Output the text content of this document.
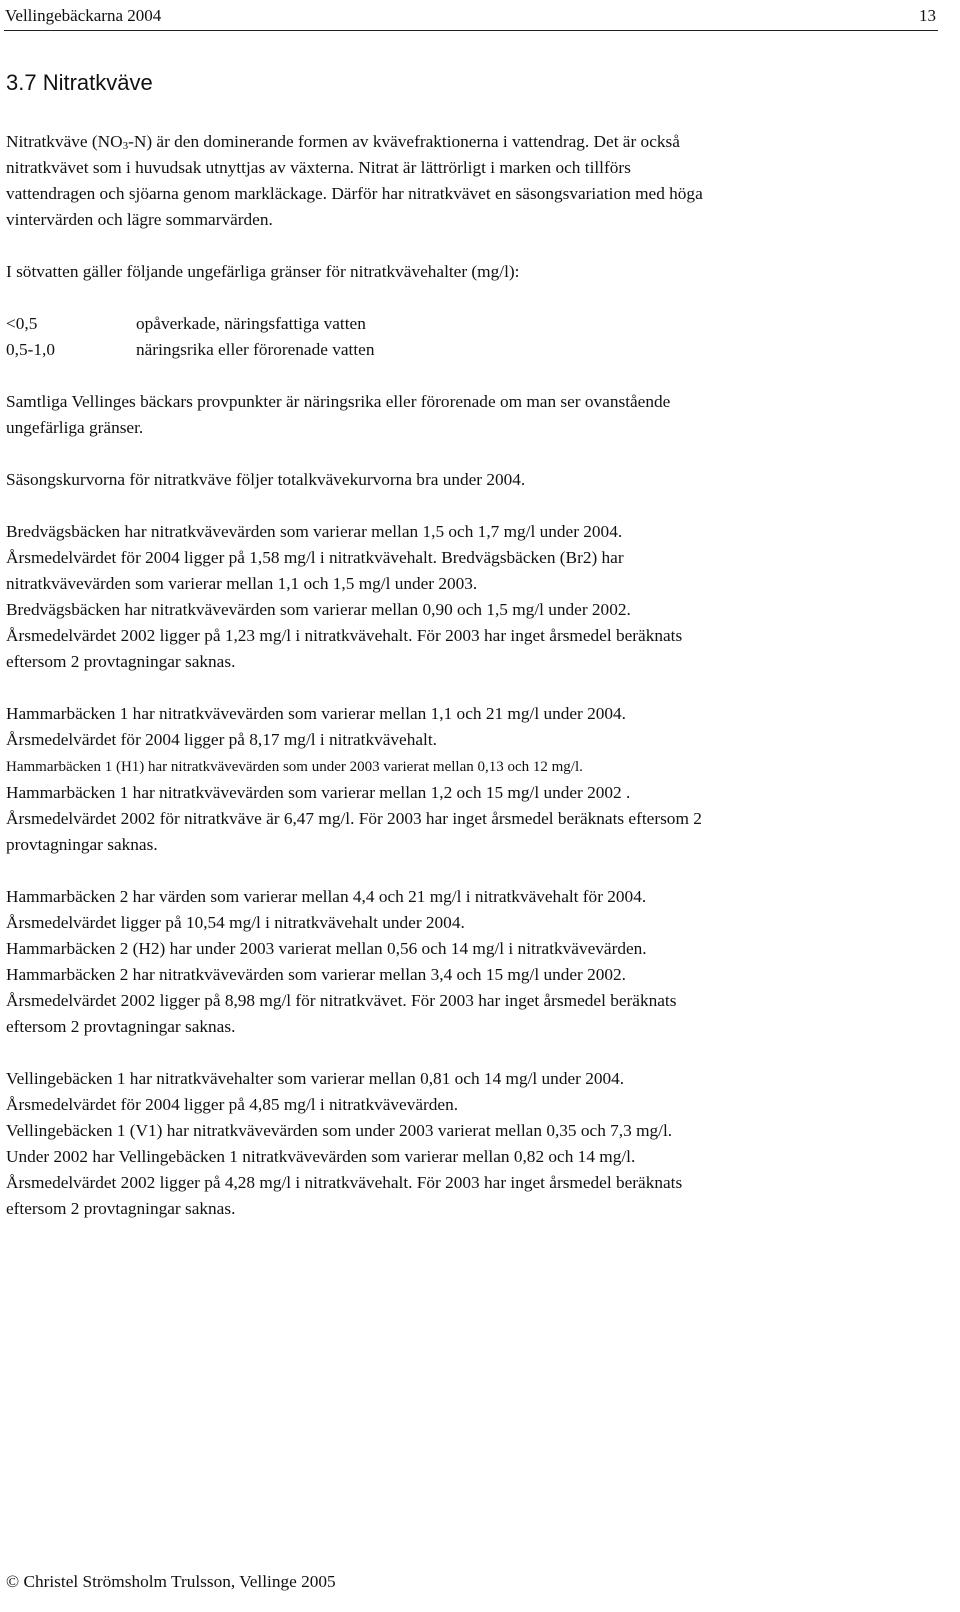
Vellingebäckarna 2004	13
3.7 Nitratkväve

Nitratkväve $(NO_3-N)$ är den dominerande formen av kvävefraktionerna i vattendrag. Det är också
nitratkvävet som i huvudsak utnyttjas av växterna. Nitrat är lättrörligt i marken och tillförs
vattendragen och sjöarna genom markläckage. Därför har nitratkvävet en säsongsvariation med höga
vintervärden och lägre sommarvärden.

I sötvatten gäller följande ungefärliga gränser för nitratkvävehalter (mg/l):

<0,5	opåverkade, näringsfattiga vatten
0,5-1,0	näringsrika eller förorenade vatten

Samtliga Vellinges bäckars provpunkter är näringsrika eller förorenade om man ser ovanstående
ungefärliga gränser.

Säsongskurvorna för nitratkväve följer totalkvävekurvorna bra under 2004.

Bredvägsbäcken har nitratkvävevärden som varierar mellan 1,5 och 1,7 mg/l under 2004.
Årsmedelvärdet för 2004 ligger på 1,58 mg/l i nitratkvävehalt. Bredvägsbäcken (Br2) har
nitratkvävevärden som varierar mellan 1,1 och 1,5 mg/l under 2003.
Bredvägsbäcken har nitratkvävevärden som varierar mellan 0,90 och 1,5 mg/l under 2002.
Årsmedelvärdet 2002 ligger på 1,23 mg/l i nitratkvävehalt. För 2003 har inget årsmedel beräknats
eftersom 2 provtagningar saknas.

Hammarbäcken 1 har nitratkvävevärden som varierar mellan 1,1 och 21 mg/l under 2004.
Årsmedelvärdet för 2004 ligger på 8,17 mg/l i nitratkvävehalt.
Hammarbäcken 1 (H1) har nitratkvävevärden som under 2003 varierat mellan 0,13 och 12 mg/l.
Hammarbäcken 1 har nitratkvävevärden som varierar mellan 1,2 och 15 mg/l under 2002 .
Årsmedelvärdet 2002 för nitratkväve är 6,47 mg/l. För 2003 har inget årsmedel beräknats eftersom 2
provtagningar saknas.

Hammarbäcken 2 har värden som varierar mellan 4,4 och 21 mg/l i nitratkvävehalt för 2004.
Årsmedelvärdet ligger på 10,54 mg/l i nitratkvävehalt under 2004.
Hammarbäcken 2 (H2) har under 2003 varierat mellan 0,56 och 14 mg/l i nitratkvävevärden.
Hammarbäcken 2 har nitratkvävevärden som varierar mellan 3,4 och 15 mg/l under 2002.
Årsmedelvärdet 2002 ligger på 8,98 mg/l för nitratkvävet. För 2003 har inget årsmedel beräknats
eftersom 2 provtagningar saknas.

Vellingebäcken 1 har nitratkvävehalter som varierar mellan 0,81 och 14 mg/l under 2004.
Årsmedelvärdet för 2004 ligger på 4,85 mg/l i nitratkvävevärden.
Vellingebäcken 1 (V1) har nitratkvävevärden som under 2003 varierat mellan 0,35 och 7,3 mg/l.
Under 2002 har Vellingebäcken 1 nitratkvävevärden som varierar mellan 0,82 och 14 mg/l.
Årsmedelvärdet 2002 ligger på 4,28 mg/l i nitratkvävehalt. För 2003 har inget årsmedel beräknats
eftersom 2 provtagningar saknas.

© Christel Strömsholm Trulsson, Vellinge 2005
